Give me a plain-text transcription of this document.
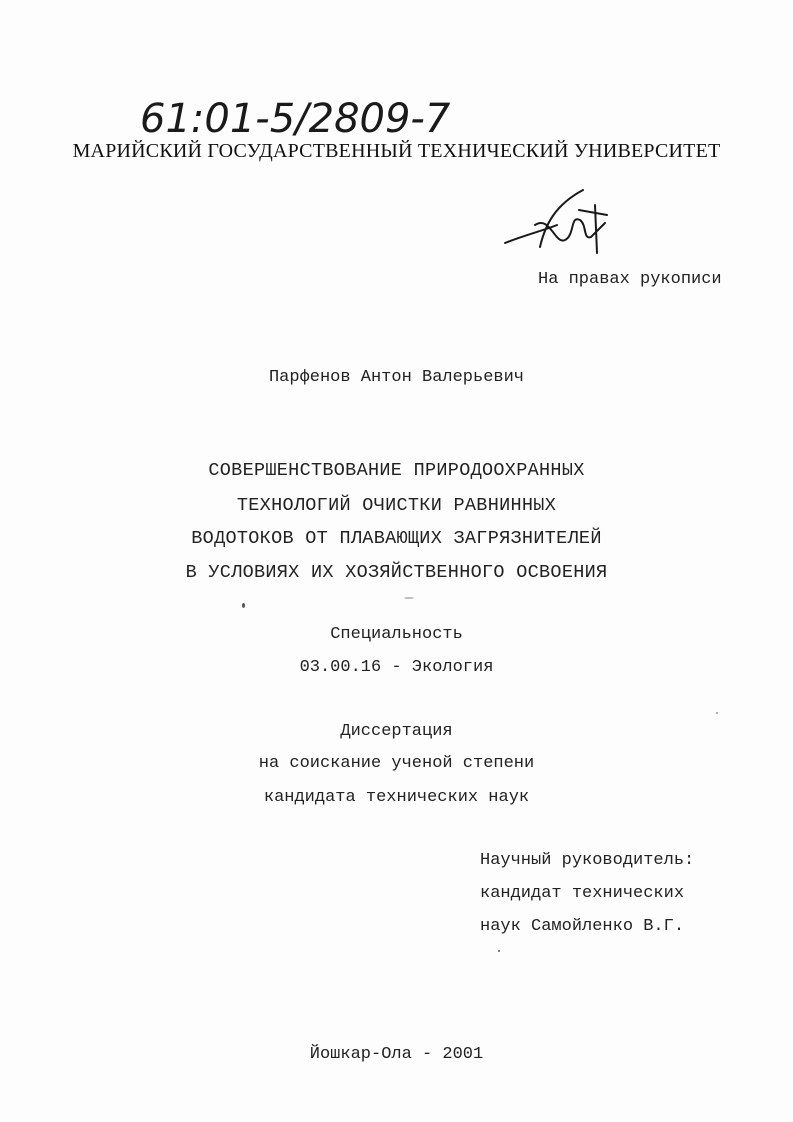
61:01-5/2809-7
МАРИЙСКИЙ ГОСУДАРСТВЕННЫЙ ТЕХНИЧЕСКИЙ УНИВЕРСИТЕТ
На правах рукописи
Парфенов Антон Валерьевич
СОВЕРШЕНСТВОВАНИЕ ПРИРОДООХРАННЫХ
ТЕХНОЛОГИЙ ОЧИСТКИ РАВНИННЫХ
ВОДОТОКОВ ОТ ПЛАВАЮЩИХ ЗАГРЯЗНИТЕЛЕЙ
В УСЛОВИЯХ ИХ ХОЗЯЙСТВЕННОГО ОСВОЕНИЯ
Специальность
03.00.16 - Экология
Диссертация
на соискание ученой степени
кандидата технических наук
Научный руководитель:
кандидат технических
наук Самойленко В.Г.
Йошкар-Ола - 2001
